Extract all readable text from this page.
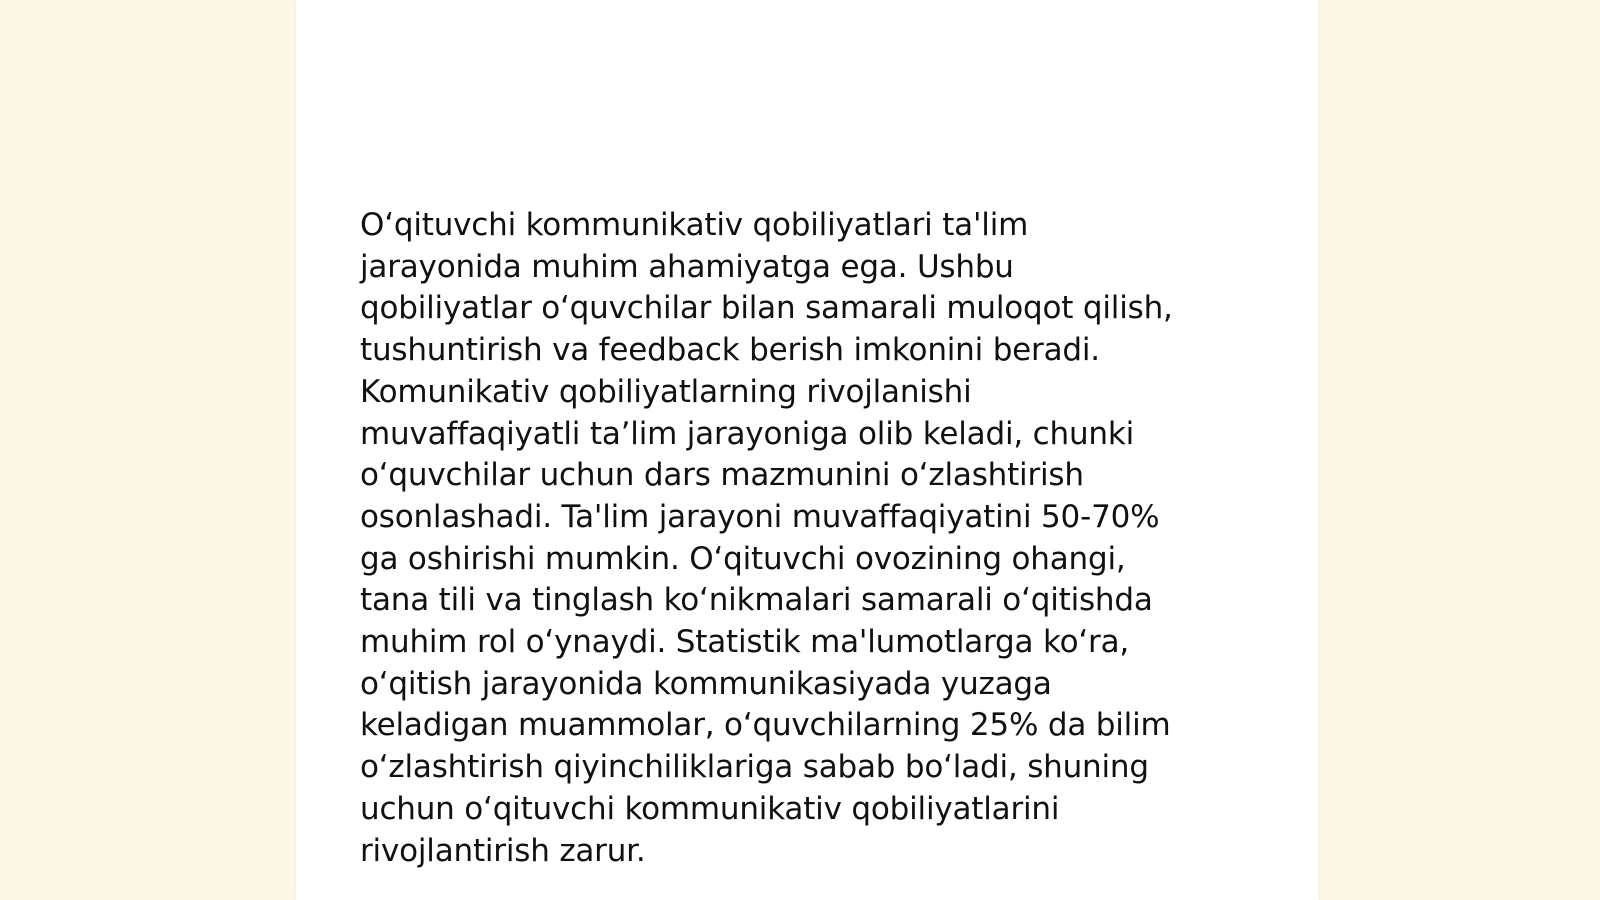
O‘qituvchi kommunikativ qobiliyatlari ta'lim
jarayonida muhim ahamiyatga ega. Ushbu
qobiliyatlar o‘quvchilar bilan samarali muloqot qilish,
tushuntirish va feedback berish imkonini beradi.
Komunikativ qobiliyatlarning rivojlanishi
muvaffaqiyatli ta’lim jarayoniga olib keladi, chunki
o‘quvchilar uchun dars mazmunini o‘zlashtirish
osonlashadi. Ta'lim jarayoni muvaffaqiyatini 50-70%
ga oshirishi mumkin. O‘qituvchi ovozining ohangi,
tana tili va tinglash ko‘nikmalari samarali o‘qitishda
muhim rol o‘ynaydi. Statistik ma'lumotlarga ko‘ra,
o‘qitish jarayonida kommunikasiyada yuzaga
keladigan muammolar, o‘quvchilarning 25% da bilim
o‘zlashtirish qiyinchiliklariga sabab bo‘ladi, shuning
uchun o‘qituvchi kommunikativ qobiliyatlarini
rivojlantirish zarur.
